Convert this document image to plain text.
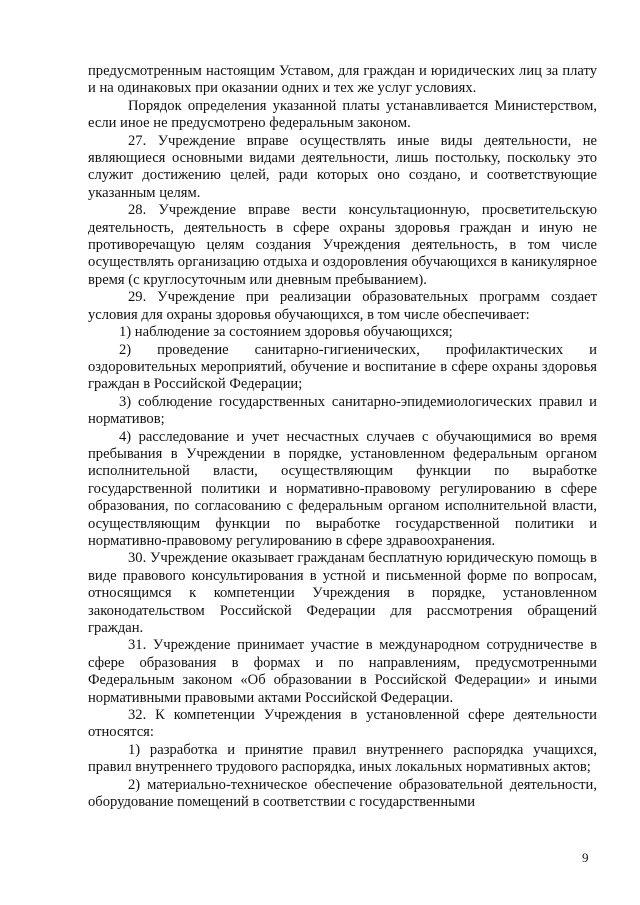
предусмотренным настоящим Уставом, для граждан и юридических лиц за плату и на одинаковых при оказании одних и тех же услуг условиях.

Порядок определения указанной платы устанавливается Министерством, если иное не предусмотрено федеральным законом.

27. Учреждение вправе осуществлять иные виды деятельности, не являющиеся основными видами деятельности, лишь постольку, поскольку это служит достижению целей, ради которых оно создано, и соответствующие указанным целям.

28. Учреждение вправе вести консультационную, просветительскую деятельность, деятельность в сфере охраны здоровья граждан и иную не противоречащую целям создания Учреждения деятельность, в том числе осуществлять организацию отдыха и оздоровления обучающихся в каникулярное время (с круглосуточным или дневным пребыванием).

29. Учреждение при реализации образовательных программ создает условия для охраны здоровья обучающихся, в том числе обеспечивает:

1) наблюдение за состоянием здоровья обучающихся;

2) проведение санитарно-гигиенических, профилактических и оздоровительных мероприятий, обучение и воспитание в сфере охраны здоровья граждан в Российской Федерации;

3) соблюдение государственных санитарно-эпидемиологических правил и нормативов;

4) расследование и учет несчастных случаев с обучающимися во время пребывания в Учреждении в порядке, установленном федеральным органом исполнительной власти, осуществляющим функции по выработке государственной политики и нормативно-правовому регулированию в сфере образования, по согласованию с федеральным органом исполнительной власти, осуществляющим функции по выработке государственной политики и нормативно-правовому регулированию в сфере здравоохранения.

30. Учреждение оказывает гражданам бесплатную юридическую помощь в виде правового консультирования в устной и письменной форме по вопросам, относящимся к компетенции Учреждения в порядке, установленном законодательством Российской Федерации для рассмотрения обращений граждан.

31. Учреждение принимает участие в международном сотрудничестве в сфере образования в формах и по направлениям, предусмотренными Федеральным законом «Об образовании в Российской Федерации» и иными нормативными правовыми актами Российской Федерации.

32. К компетенции Учреждения в установленной сфере деятельности относятся:

1) разработка и принятие правил внутреннего распорядка учащихся, правил внутреннего трудового распорядка, иных локальных нормативных актов;

2) материально-техническое обеспечение образовательной деятельности, оборудование помещений в соответствии с государственными

9
